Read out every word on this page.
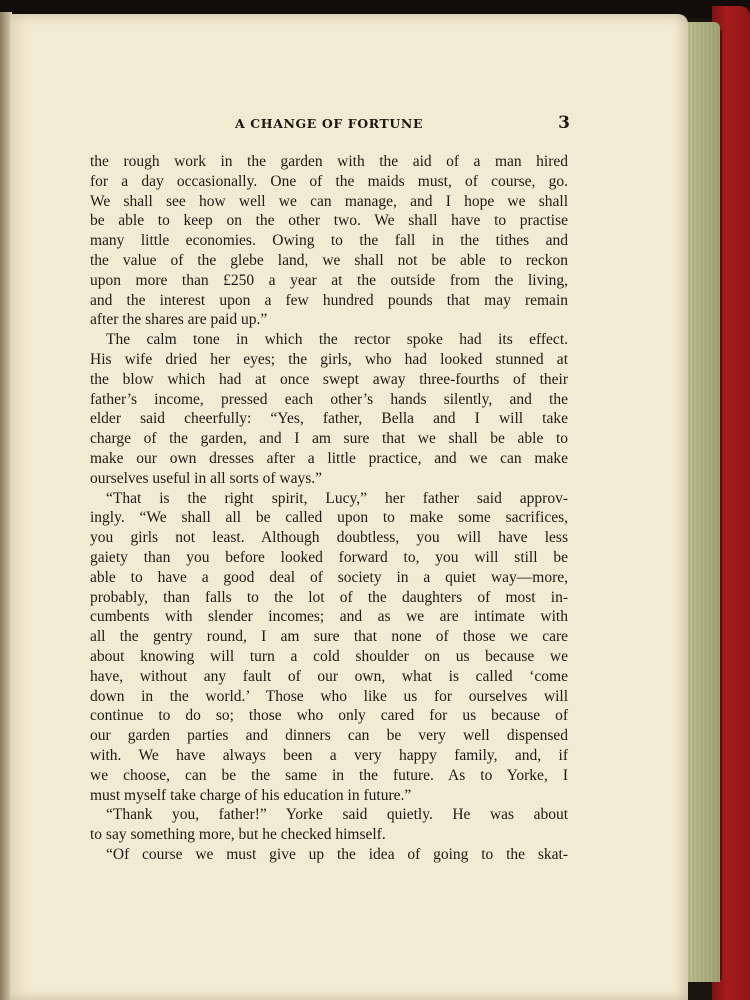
A CHANGE OF FORTUNE	3
the rough work in the garden with the aid of a man hired
for a day occasionally. One of the maids must, of course, go.
We shall see how well we can manage, and I hope we shall
be able to keep on the other two. We shall have to practise
many little economies. Owing to the fall in the tithes and
the value of the glebe land, we shall not be able to reckon
upon more than £250 a year at the outside from the living,
and the interest upon a few hundred pounds that may remain
after the shares are paid up.”
The calm tone in which the rector spoke had its effect.
His wife dried her eyes; the girls, who had looked stunned at
the blow which had at once swept away three-fourths of their
father’s income, pressed each other’s hands silently, and the
elder said cheerfully: “Yes, father, Bella and I will take
charge of the garden, and I am sure that we shall be able to
make our own dresses after a little practice, and we can make
ourselves useful in all sorts of ways.”
“That is the right spirit, Lucy,” her father said approv-
ingly. “We shall all be called upon to make some sacrifices,
you girls not least. Although doubtless, you will have less
gaiety than you before looked forward to, you will still be
able to have a good deal of society in a quiet way—more,
probably, than falls to the lot of the daughters of most in-
cumbents with slender incomes; and as we are intimate with
all the gentry round, I am sure that none of those we care
about knowing will turn a cold shoulder on us because we
have, without any fault of our own, what is called ‘come
down in the world.’ Those who like us for ourselves will
continue to do so; those who only cared for us because of
our garden parties and dinners can be very well dispensed
with. We have always been a very happy family, and, if
we choose, can be the same in the future. As to Yorke, I
must myself take charge of his education in future.”
“Thank you, father!” Yorke said quietly. He was about
to say something more, but he checked himself.
“Of course we must give up the idea of going to the skat-
